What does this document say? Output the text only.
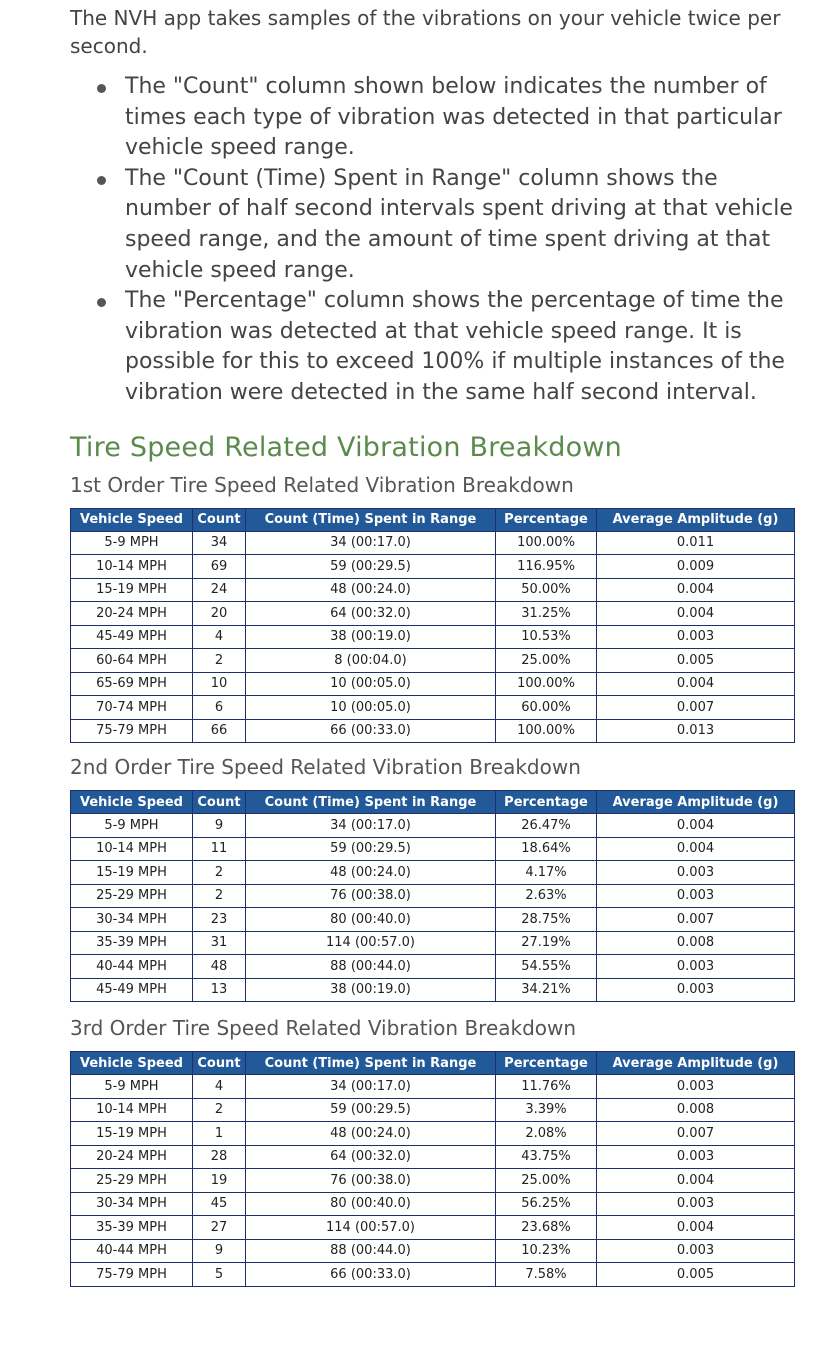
The NVH app takes samples of the vibrations on your vehicle twice per second.

The "Count" column shown below indicates the number of times each type of vibration was detected in that particular vehicle speed range.
The "Count (Time) Spent in Range" column shows the number of half second intervals spent driving at that vehicle speed range, and the amount of time spent driving at that vehicle speed range.
The "Percentage" column shows the percentage of time the vibration was detected at that vehicle speed range. It is possible for this to exceed 100% if multiple instances of the vibration were detected in the same half second interval.
Tire Speed Related Vibration Breakdown
1st Order Tire Speed Related Vibration Breakdown
Vehicle Speed	Count	Count (Time) Spent in Range	Percentage	Average Amplitude (g)
5-9 MPH	34	34 (00:17.0)	100.00%	0.011
10-14 MPH	69	59 (00:29.5)	116.95%	0.009
15-19 MPH	24	48 (00:24.0)	50.00%	0.004
20-24 MPH	20	64 (00:32.0)	31.25%	0.004
45-49 MPH	4	38 (00:19.0)	10.53%	0.003
60-64 MPH	2	8 (00:04.0)	25.00%	0.005
65-69 MPH	10	10 (00:05.0)	100.00%	0.004
70-74 MPH	6	10 (00:05.0)	60.00%	0.007
75-79 MPH	66	66 (00:33.0)	100.00%	0.013
2nd Order Tire Speed Related Vibration Breakdown
Vehicle Speed	Count	Count (Time) Spent in Range	Percentage	Average Amplitude (g)
5-9 MPH	9	34 (00:17.0)	26.47%	0.004
10-14 MPH	11	59 (00:29.5)	18.64%	0.004
15-19 MPH	2	48 (00:24.0)	4.17%	0.003
25-29 MPH	2	76 (00:38.0)	2.63%	0.003
30-34 MPH	23	80 (00:40.0)	28.75%	0.007
35-39 MPH	31	114 (00:57.0)	27.19%	0.008
40-44 MPH	48	88 (00:44.0)	54.55%	0.003
45-49 MPH	13	38 (00:19.0)	34.21%	0.003
3rd Order Tire Speed Related Vibration Breakdown
Vehicle Speed	Count	Count (Time) Spent in Range	Percentage	Average Amplitude (g)
5-9 MPH	4	34 (00:17.0)	11.76%	0.003
10-14 MPH	2	59 (00:29.5)	3.39%	0.008
15-19 MPH	1	48 (00:24.0)	2.08%	0.007
20-24 MPH	28	64 (00:32.0)	43.75%	0.003
25-29 MPH	19	76 (00:38.0)	25.00%	0.004
30-34 MPH	45	80 (00:40.0)	56.25%	0.003
35-39 MPH	27	114 (00:57.0)	23.68%	0.004
40-44 MPH	9	88 (00:44.0)	10.23%	0.003
75-79 MPH	5	66 (00:33.0)	7.58%	0.005
